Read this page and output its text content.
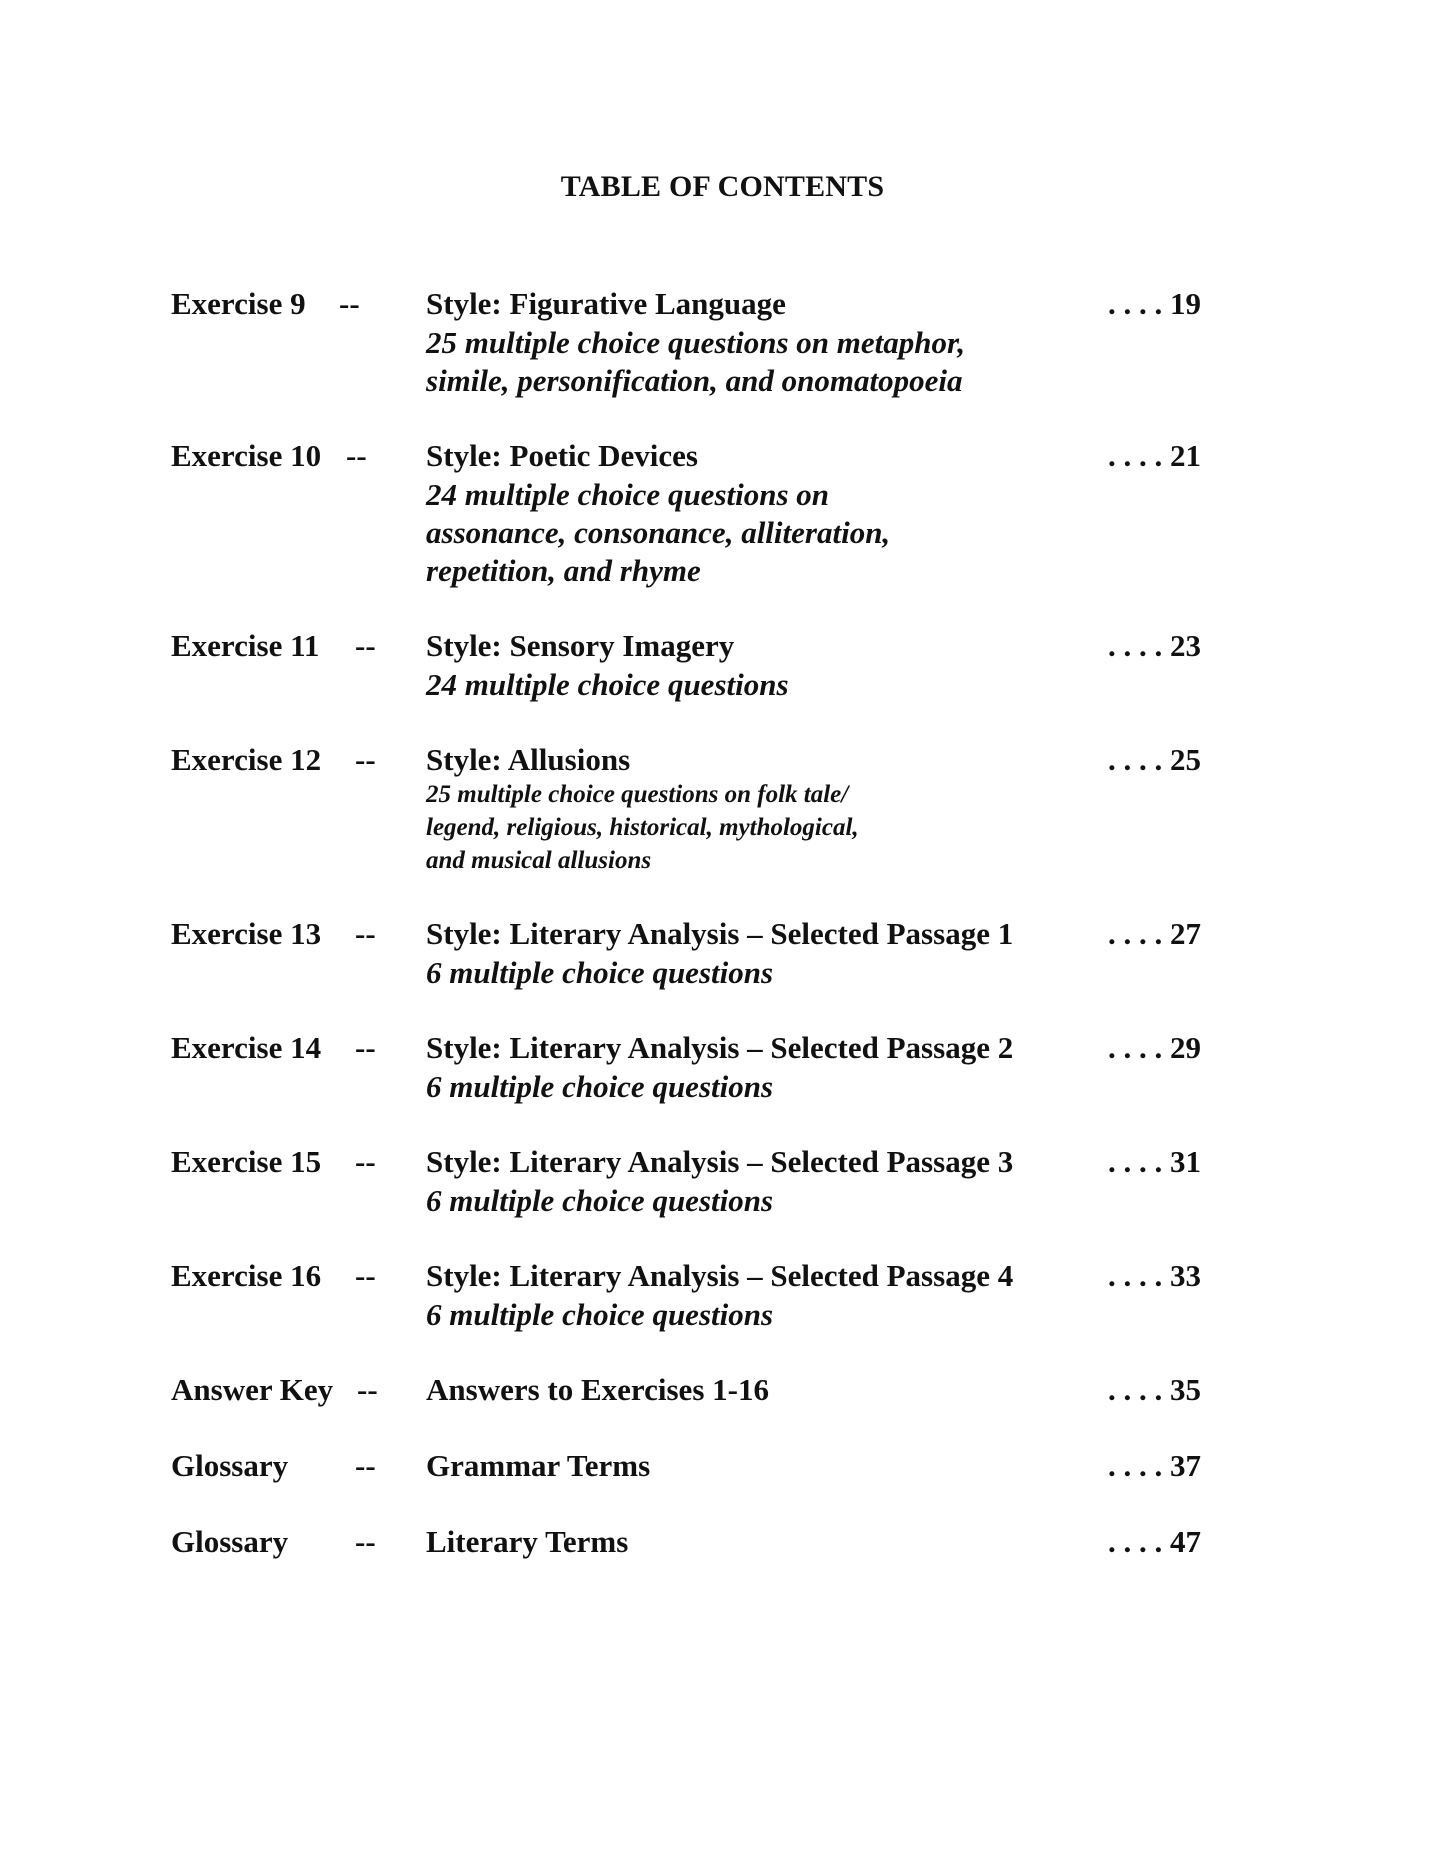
TABLE OF CONTENTS
Exercise 9 -- Style: Figurative Language
25 multiple choice questions on metaphor,
simile, personification, and onomatopoeia
. . . . 19
Exercise 10 -- Style: Poetic Devices
24 multiple choice questions on
assonance, consonance, alliteration,
repetition, and rhyme
. . . . 21
Exercise 11 -- Style: Sensory Imagery
24 multiple choice questions
. . . . 23
Exercise 12 -- Style: Allusions
25 multiple choice questions on folk tale/
legend, religious, historical, mythological,
and musical allusions
. . . . 25
Exercise 13 -- Style: Literary Analysis – Selected Passage 1
6 multiple choice questions
. . . . 27
Exercise 14 -- Style: Literary Analysis – Selected Passage 2
6 multiple choice questions
. . . . 29
Exercise 15 -- Style: Literary Analysis – Selected Passage 3
6 multiple choice questions
. . . . 31
Exercise 16 -- Style: Literary Analysis – Selected Passage 4
6 multiple choice questions
. . . . 33
Answer Key -- Answers to Exercises 1-16	. . . . 35
Glossary -- Grammar Terms	. . . . 37
Glossary -- Literary Terms	. . . . 47
